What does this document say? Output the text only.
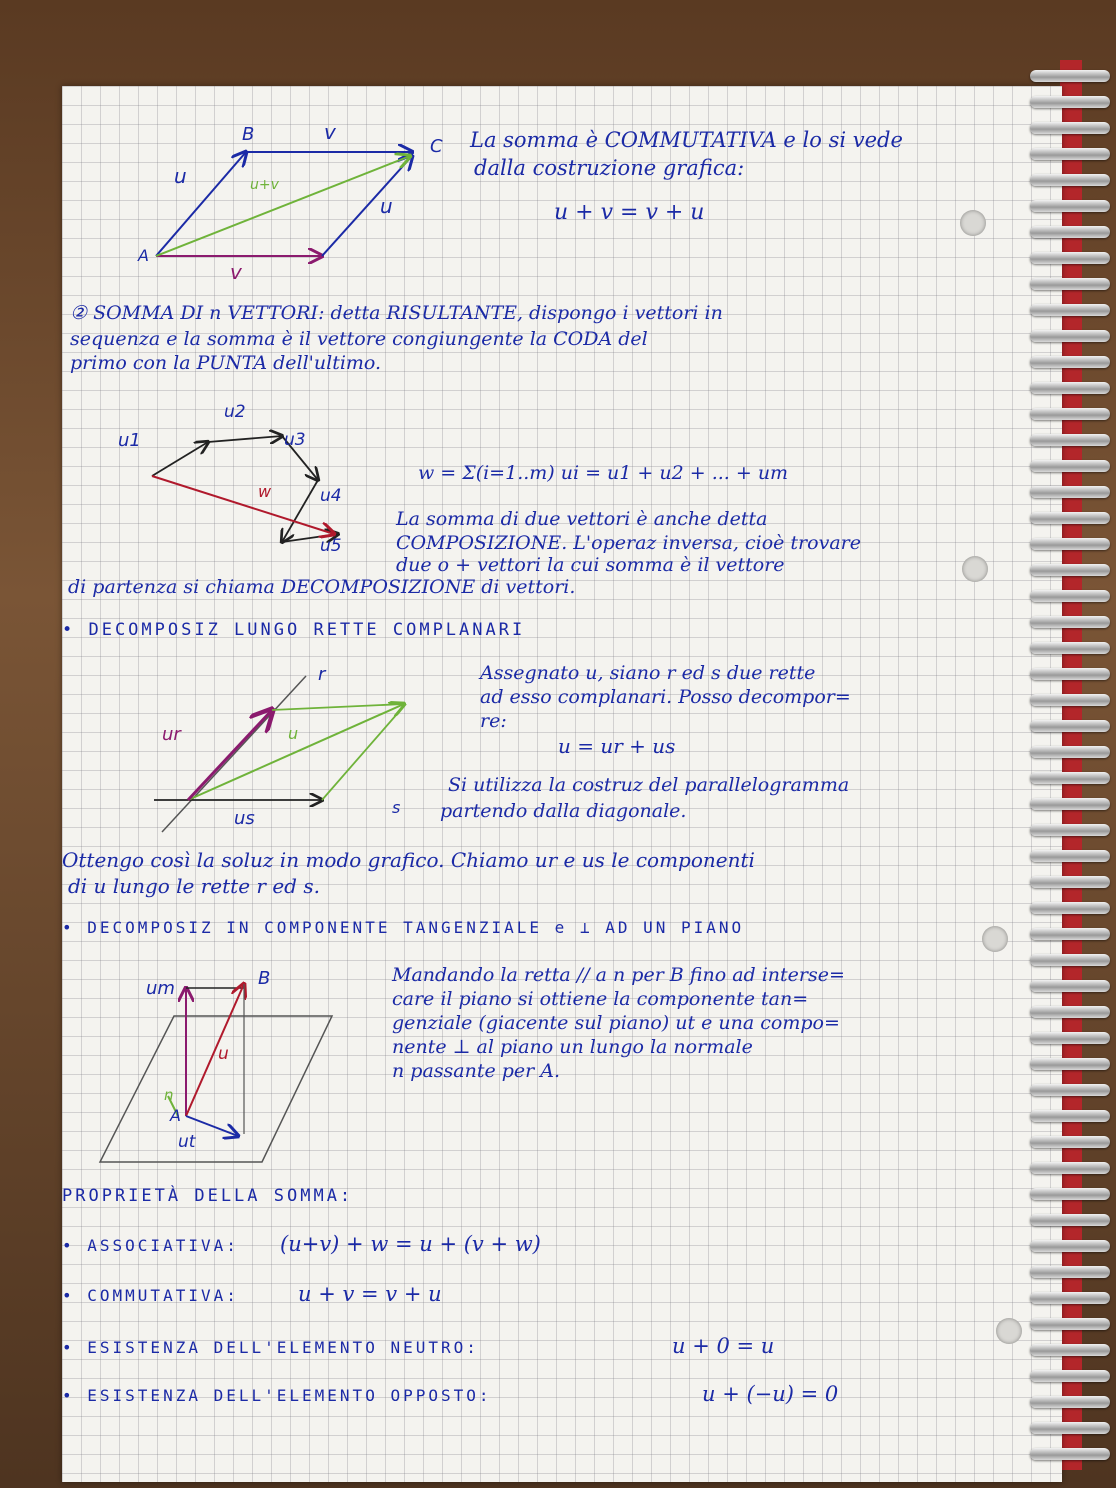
B
C
A
v
u
u
v
u+v
La somma è COMMUTATIVA e lo si vede
dalla costruzione grafica:
u + v = v + u
② SOMMA DI n VETTORI: detta RISULTANTE, dispongo i vettori in
sequenza e la somma è il vettore congiungente la CODA del
primo con la PUNTA dell'ultimo.
u1
u2
u3
u4
u5
w
w = Σ(i=1..m) ui = u1 + u2 + ... + um
La somma di due vettori è anche detta
COMPOSIZIONE. L'operaz inversa, cioè trovare
due o + vettori la cui somma è il vettore
di partenza si chiama DECOMPOSIZIONE di vettori.
• DECOMPOSIZ LUNGO RETTE COMPLANARI
r
s
ur
us
u
Assegnato u, siano r ed s due rette
ad esso complanari. Posso decompor=
re:
u = ur + us
Si utilizza la costruz del parallelogramma
partendo dalla diagonale.
Ottengo così la soluz in modo grafico. Chiamo ur e us le componenti
di u lungo le rette r ed s.
• DECOMPOSIZ IN COMPONENTE TANGENZIALE e ⊥ AD UN PIANO
um	B
u
n
A
ut
Mandando la retta // a n per B fino ad interse=
care il piano si ottiene la componente tan=
genziale (giacente sul piano) ut e una compo=
nente ⊥ al piano un lungo la normale
n passante per A.
PROPRIETÀ DELLA SOMMA:
• ASSOCIATIVA: (u+v) + w = u + (v + w)
• COMMUTATIVA:	u + v = v + u
• ESISTENZA DELL'ELEMENTO NEUTRO:	u + 0 = u
• ESISTENZA DELL'ELEMENTO OPPOSTO:	u + (−u) = 0
